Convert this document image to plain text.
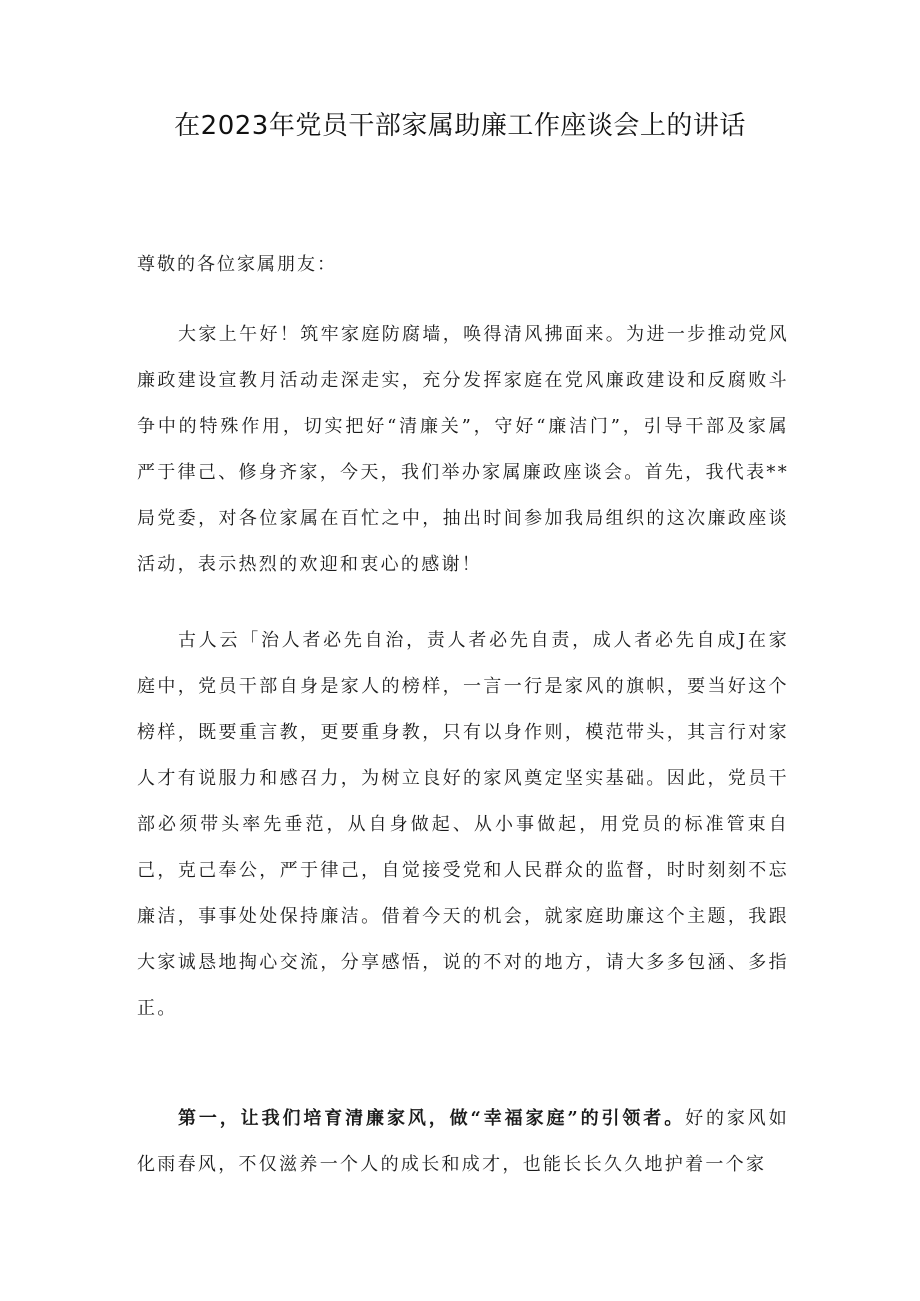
在2023年党员干部家属助廉工作座谈会上的讲话
尊敬的各位家属朋友：

大家上午好！筑牢家庭防腐墙，唤得清风拂面来。为进一步推动党风廉政建设宣教月活动走深走实，充分发挥家庭在党风廉政建设和反腐败斗争中的特殊作用，切实把好“清廉关”，守好“廉洁门”，引导干部及家属严于律己、修身齐家，今天，我们举办家属廉政座谈会。首先，我代表**局党委，对各位家属在百忙之中，抽出时间参加我局组织的这次廉政座谈活动，表示热烈的欢迎和衷心的感谢！

古人云「治人者必先自治，责人者必先自责，成人者必先自成J在家庭中，党员干部自身是家人的榜样，一言一行是家风的旗帜，要当好这个榜样，既要重言教，更要重身教，只有以身作则，模范带头，其言行对家人才有说服力和感召力，为树立良好的家风奠定坚实基础。因此，党员干部必须带头率先垂范，从自身做起、从小事做起，用党员的标准管束自己，克己奉公，严于律己，自觉接受党和人民群众的监督，时时刻刻不忘廉洁，事事处处保持廉洁。借着今天的机会，就家庭助廉这个主题，我跟大家诚恳地掏心交流，分享感悟，说的不对的地方，请大多多包涵、多指正。

第一，让我们培育清廉家风，做“幸福家庭”的引领者。好的家风如化雨春风，不仅滋养一个人的成长和成才，也能长长久久地护着一个家
